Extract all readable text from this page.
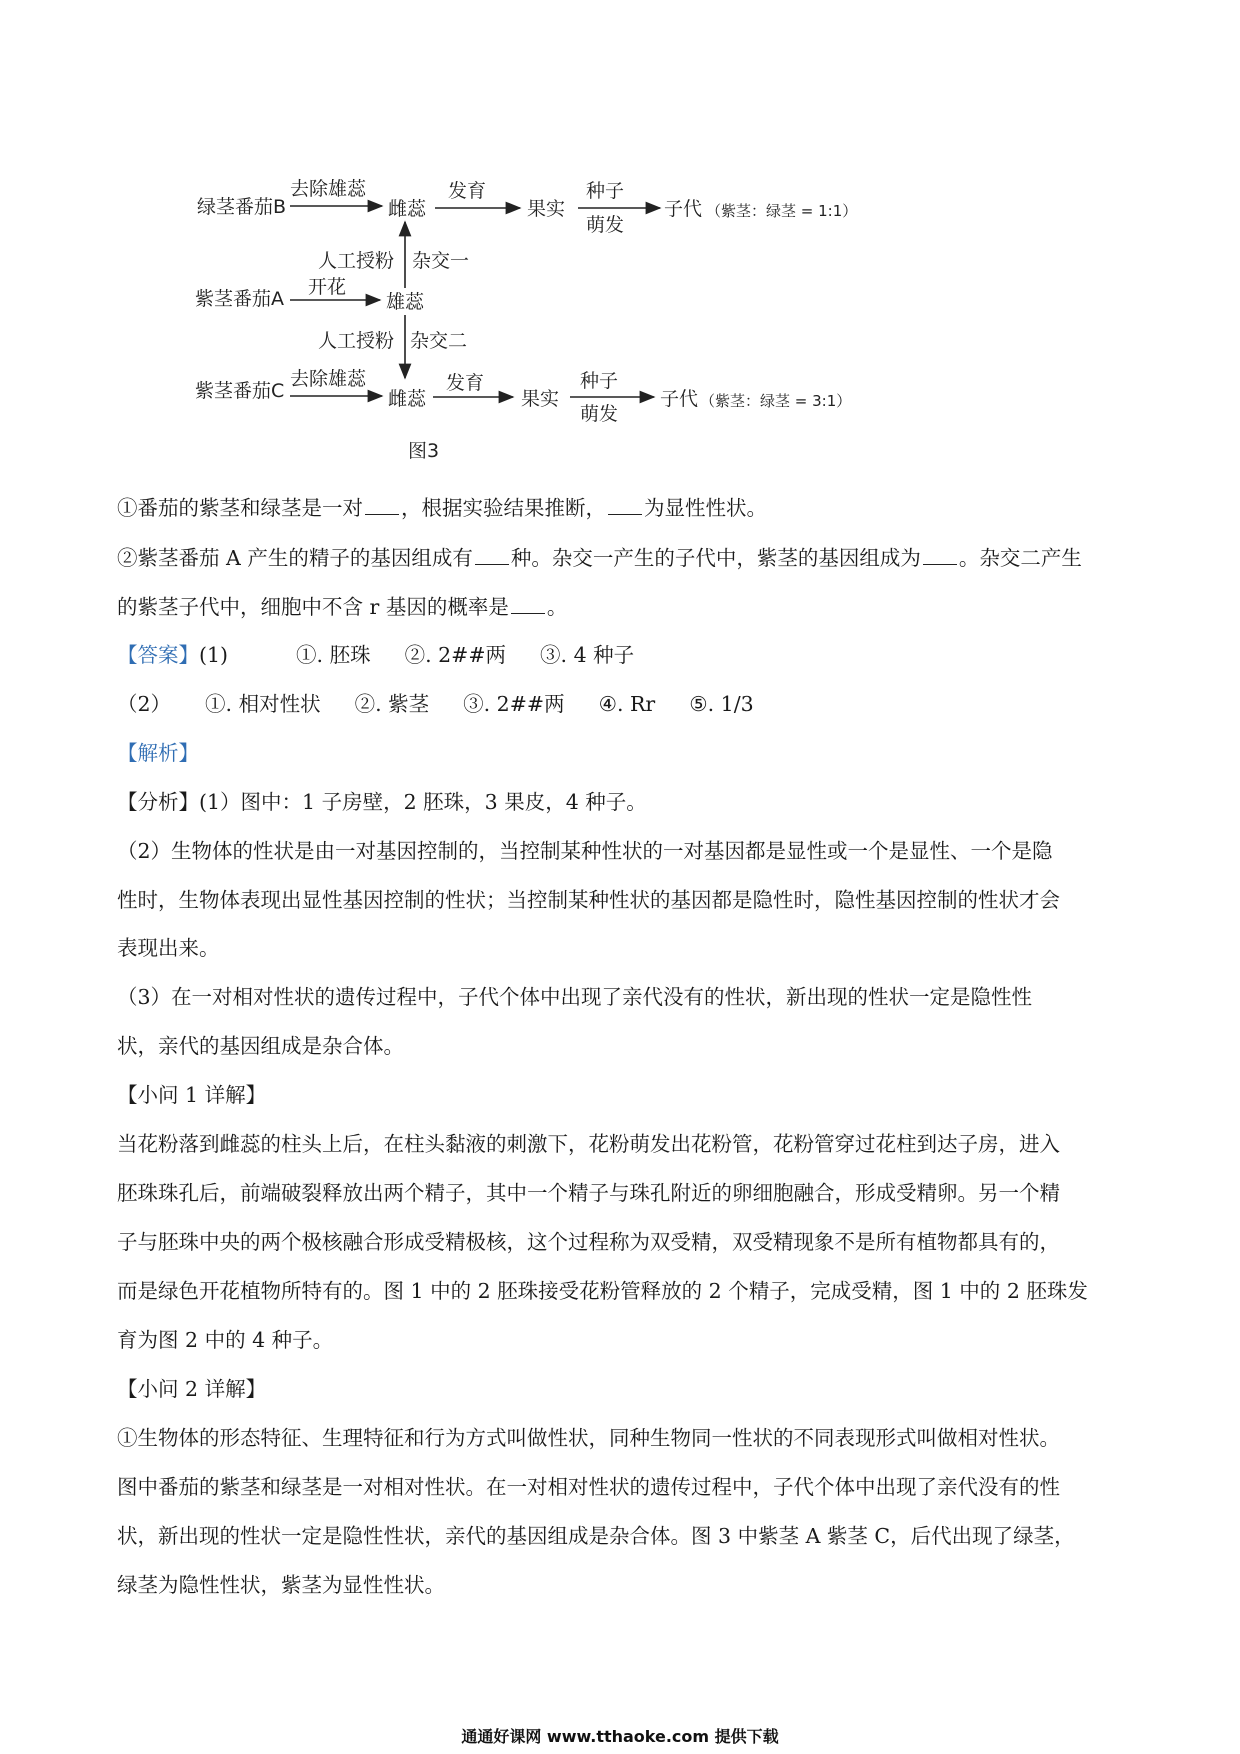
绿茎番茄B
去除雄蕊
雌蕊
发育
果实
种子
萌发
子代 （紫茎：绿茎 = 1:1）
人工授粉 杂交一
紫茎番茄A
开花
雄蕊
人工授粉 杂交二
紫茎番茄C
去除雄蕊
雌蕊
发育
果实
种子
萌发
子代 （紫茎：绿茎 = 3:1）
图3
①番茄的紫茎和绿茎是一对 ，根据实验结果推断， 为显性性状。
②紫茎番茄 A 产生的精子的基因组成有 种。杂交一产生的子代中，紫茎的基因组成为 。杂交二产生
的紫茎子代中，细胞中不含 r 基因的概率是 。
【答案】(1)	①. 胚珠 ②. 2##两 ③. 4 种子
（2） ①. 相对性状 ②. 紫茎 ③. 2##两 ④. Rr ⑤. 1/3
【解析】
【分析】(1）图中：1 子房壁，2 胚珠，3 果皮，4 种子。
（2）生物体的性状是由一对基因控制的，当控制某种性状的一对基因都是显性或一个是显性、一个是隐
性时，生物体表现出显性基因控制的性状；当控制某种性状的基因都是隐性时，隐性基因控制的性状才会
表现出来。
（3）在一对相对性状的遗传过程中，子代个体中出现了亲代没有的性状，新出现的性状一定是隐性性
状，亲代的基因组成是杂合体。
【小问 1 详解】
当花粉落到雌蕊的柱头上后，在柱头黏液的刺激下，花粉萌发出花粉管，花粉管穿过花柱到达子房，进入
胚珠珠孔后，前端破裂释放出两个精子，其中一个精子与珠孔附近的卵细胞融合，形成受精卵。另一个精
子与胚珠中央的两个极核融合形成受精极核，这个过程称为双受精，双受精现象不是所有植物都具有的，
而是绿色开花植物所特有的。图 1 中的 2 胚珠接受花粉管释放的 2 个精子，完成受精，图 1 中的 2 胚珠发
育为图 2 中的 4 种子。
【小问 2 详解】
①生物体的形态特征、生理特征和行为方式叫做性状，同种生物同一性状的不同表现形式叫做相对性状。
图中番茄的紫茎和绿茎是一对相对性状。在一对相对性状的遗传过程中，子代个体中出现了亲代没有的性
状，新出现的性状一定是隐性性状，亲代的基因组成是杂合体。图 3 中紫茎 A 紫茎 C，后代出现了绿茎，
绿茎为隐性性状，紫茎为显性性状。
通通好课网 www.tthaoke.com 提供下载
